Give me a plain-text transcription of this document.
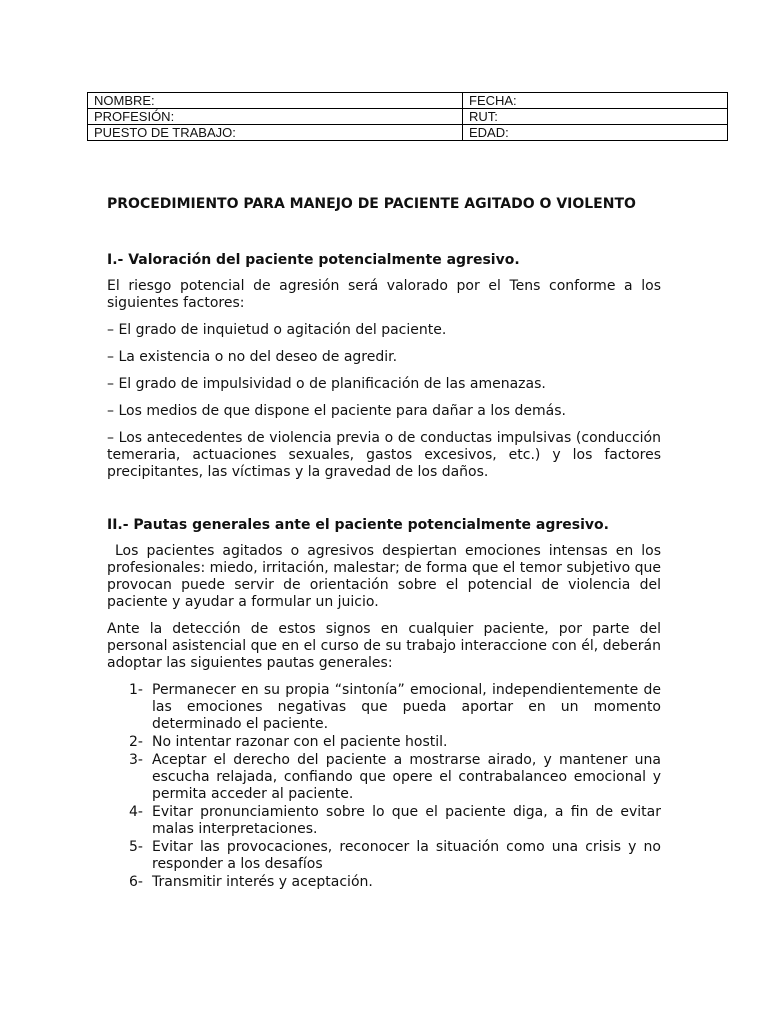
NOMBRE:	FECHA:
PROFESIÓN:	RUT:
PUESTO DE TRABAJO:	EDAD:
PROCEDIMIENTO PARA MANEJO DE PACIENTE AGITADO O VIOLENTO
I.- Valoración del paciente potencialmente agresivo.

El riesgo potencial de agresión será valorado por el Tens conforme a los siguientes factores:

– El grado de inquietud o agitación del paciente.

– La existencia o no del deseo de agredir.

– El grado de impulsividad o de planificación de las amenazas.

– Los medios de que dispone el paciente para dañar a los demás.

– Los antecedentes de violencia previa o de conductas impulsivas (conducción temeraria, actuaciones sexuales, gastos excesivos, etc.) y los factores precipitantes, las víctimas y la gravedad de los daños.

II.- Pautas generales ante el paciente potencialmente agresivo.

Los pacientes agitados o agresivos despiertan emociones intensas en los profesionales: miedo, irritación, malestar; de forma que el temor subjetivo que provocan puede servir de orientación sobre el potencial de violencia del paciente y ayudar a formular un juicio.

Ante la detección de estos signos en cualquier paciente, por parte del personal asistencial que en el curso de su trabajo interaccione con él, deberán adoptar las siguientes pautas generales:

1- Permanecer en su propia “sintonía” emocional, independientemente de las emociones negativas que pueda aportar en un momento determinado el paciente.
2- No intentar razonar con el paciente hostil.
3- Aceptar el derecho del paciente a mostrarse airado, y mantener una escucha relajada, confiando que opere el contrabalanceo emocional y permita acceder al paciente.
4- Evitar pronunciamiento sobre lo que el paciente diga, a fin de evitar malas interpretaciones.
5- Evitar las provocaciones, reconocer la situación como una crisis y no responder a los desafíos
6- Transmitir interés y aceptación.
